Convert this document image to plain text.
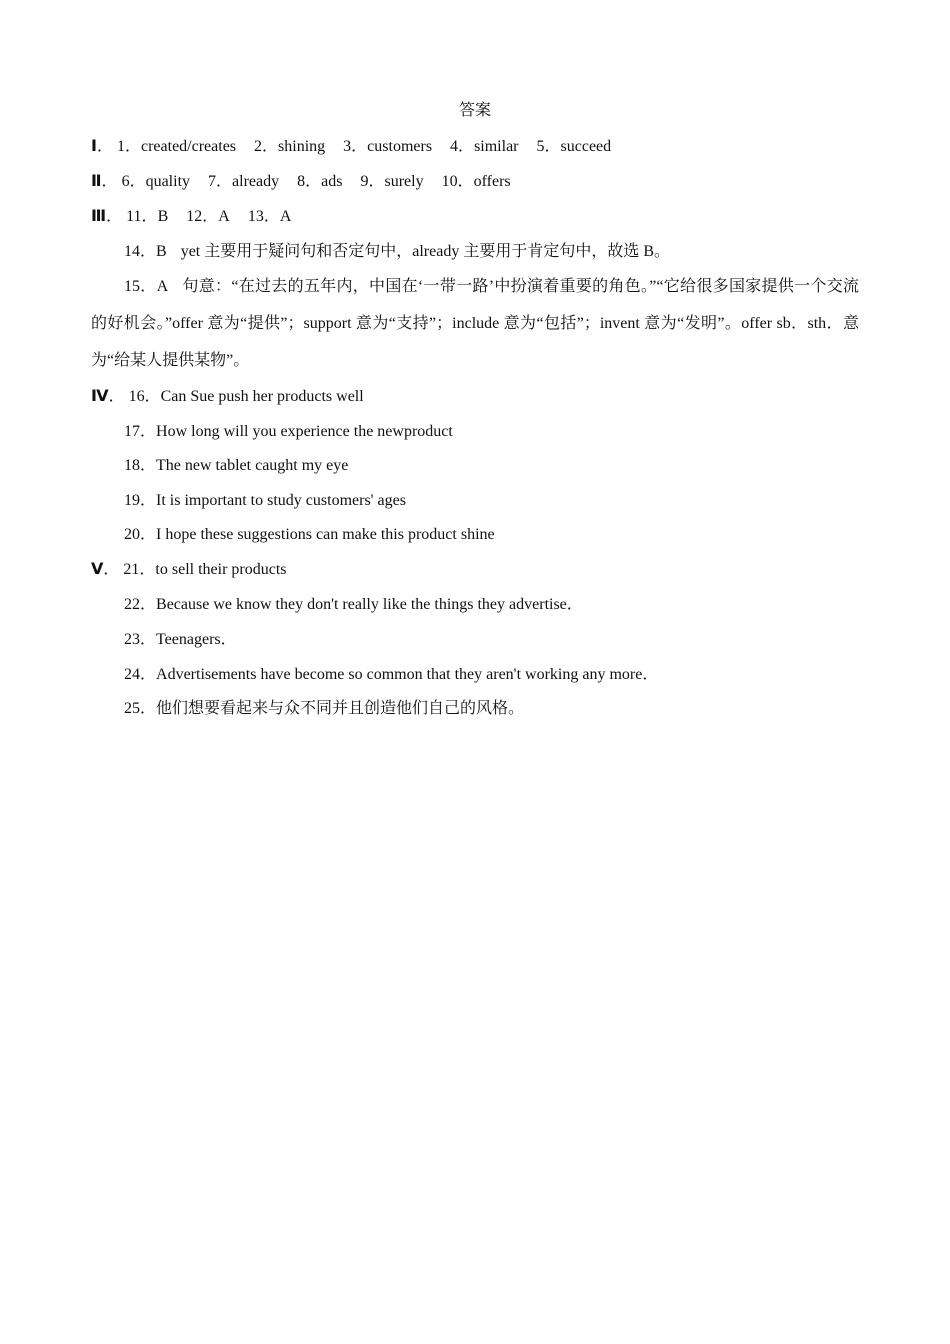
答案
Ⅰ． 1．created/creates 2．shining 3．customers 4．similar 5．succeed
Ⅱ． 6．quality 7．already 8．ads 9．surely 10．offers
Ⅲ． 11．B 12．A 13．A
14．B yet 主要用于疑问句和否定句中，already 主要用于肯定句中，故选 B。
15．A 句意：“在过去的五年内，中国在‘一带一路’中扮演着重要的角色。”“它给很多国家提供一个交流的好机会。”offer 意为“提供”；support 意为“支持”；include 意为“包括”；invent 意为“发明”。offer sb．sth．意为“给某人提供某物”。
Ⅳ． 16．Can Sue push her products well
17．How long will you experience the newproduct
18．The new tablet caught my eye
19．It is important to study customers' ages
20．I hope these suggestions can make this product shine
Ⅴ． 21．to sell their products
22．Because we know they don't really like the things they advertise．
23．Teenagers．
24．Advertisements have become so common that they aren't working any more．
25．他们想要看起来与众不同并且创造他们自己的风格。
